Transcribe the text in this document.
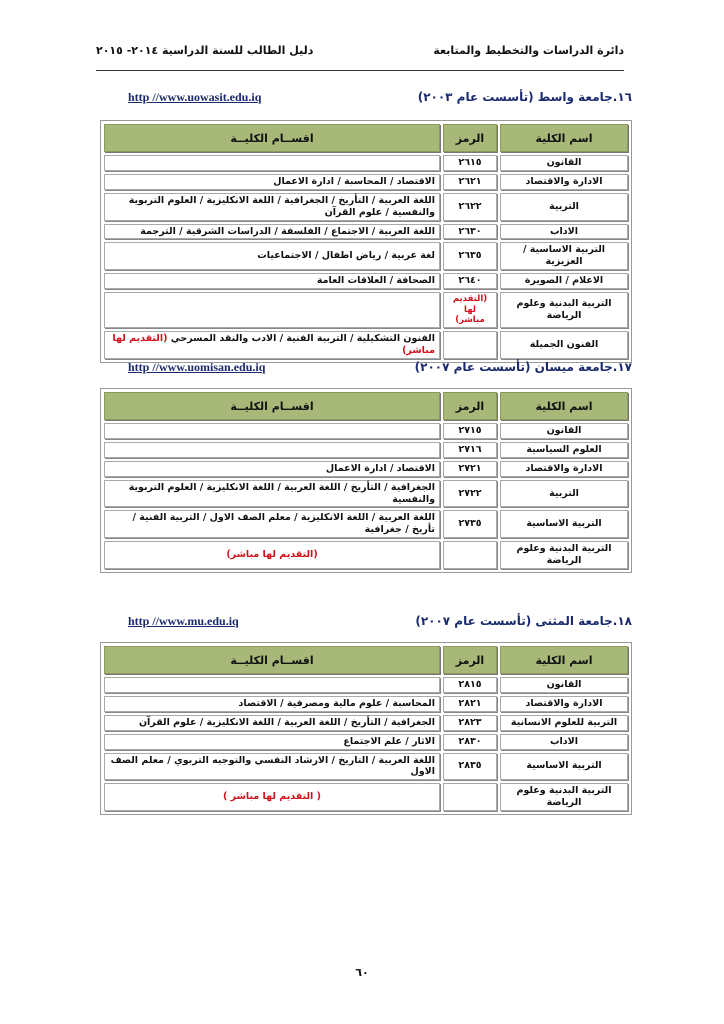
دائرة الدراسات والتخطيط والمتابعة
دليل الطالب للسنة الدراسية ٢٠١٤- ٢٠١٥
١٦.جامعة واسط (تأسست عام ٢٠٠٣)
http //www.uowasit.edu.iq
اسم الكلية	الرمز	اقســام الكليــة
القانون	٢٦١٥	
الادارة والاقتصاد	٢٦٢١	الاقتصاد / المحاسبة / ادارة الاعمال
التربية	٢٦٢٢	اللغة العربية / التأريخ / الجغرافية / اللغة الانكليزية / العلوم التربوية والنفسية / علوم القرآن
الاداب	٢٦٣٠	اللغة العربية / الاجتماع / الفلسفة / الدراسات الشرقية / الترجمة
التربية الاساسية / العزيزية	٢٦٣٥	لغة عربية / رياض اطفال / الاجتماعيات
الاعلام / الصويرة	٢٦٤٠	الصحافة / العلاقات العامة
التربية البدنية وعلوم الرياضة	(التقديم لها مباشر)	
الفنون الجميلة		الفنون التشكيلية / التربية الفنية / الادب والنقد المسرحي (التقديم لها مباشر)
١٧.جامعة ميسان (تأسست عام ٢٠٠٧)
http //www.uomisan.edu.iq
اسم الكلية	الرمز	اقســام الكليــة
القانون	٢٧١٥	
العلوم السياسية	٢٧١٦	
الادارة والاقتصاد	٢٧٢١	الاقتصاد / ادارة الاعمال
التربية	٢٧٢٢	الجغرافية / التأريخ / اللغة العربية / اللغة الانكليزية / العلوم التربوية والنفسية
التربية الاساسية	٢٧٣٥	اللغة العربية / اللغة الانكليزية / معلم الصف الاول / التربية الفنية / تأريخ / جغرافية
التربية البدنية وعلوم الرياضة		(التقديم لها مباشر)
١٨.جامعة المثنى (تأسست عام ٢٠٠٧)
http //www.mu.edu.iq
اسم الكلية	الرمز	اقســام الكليــة
القانون	٢٨١٥	
الادارة والاقتصاد	٢٨٢١	المحاسبة / علوم مالية ومصرفية / الاقتصاد
التربية للعلوم الانسانية	٢٨٢٣	الجغرافية / التأريخ / اللغة العربية / اللغة الانكليزية / علوم القرآن
الاداب	٢٨٣٠	الاثار / علم الاجتماع
التربية الاساسية	٢٨٣٥	اللغة العربية / التاريخ / الارشاد النفسي والتوجيه التربوي / معلم الصف الاول
التربية البدنية وعلوم الرياضة		( التقديم لها مباشر )
٦٠
